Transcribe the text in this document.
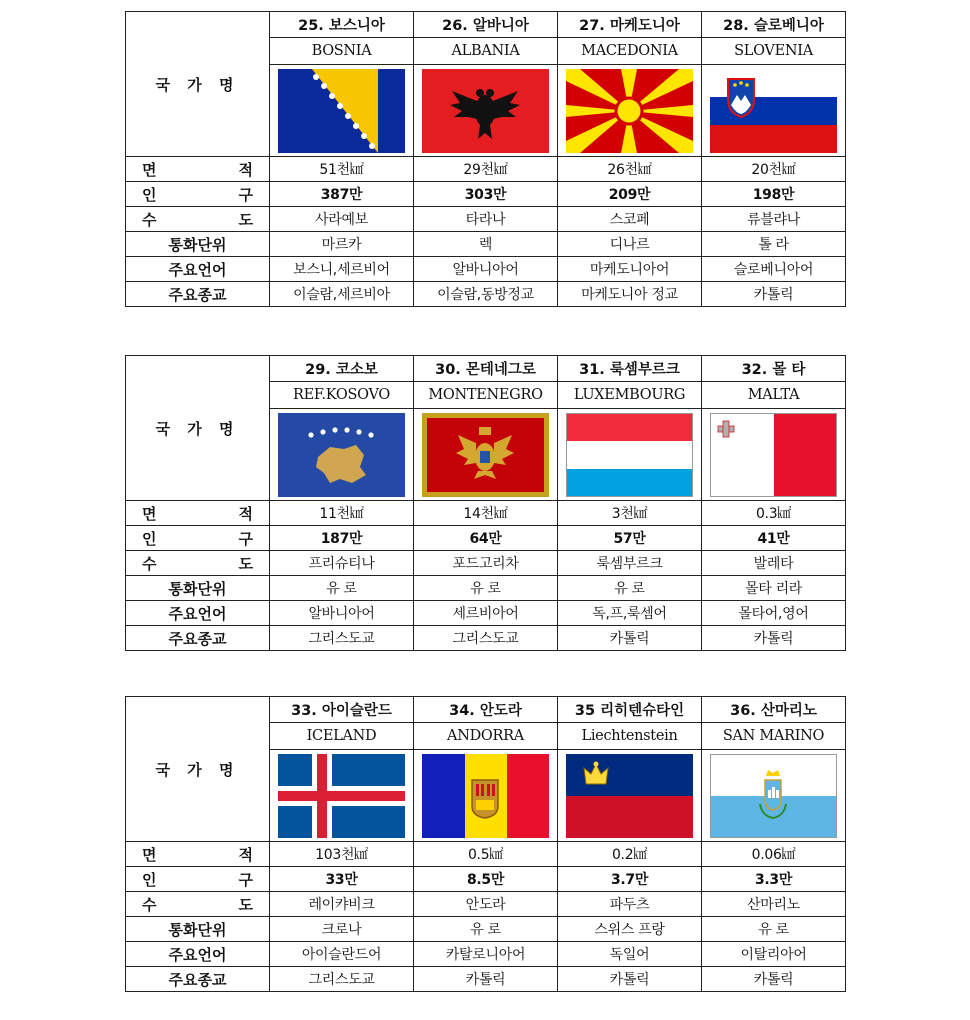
국 가 명	25. 보스니아	26. 알바니아	27. 마케도니아	28. 슬로베니아
	BOSNIA	ALBANIA	MACEDONIA	SLOVENIA

면 적	51천㎢	29천㎢	26천㎢	20천㎢

인 구	387만	303만	209만	198만

수 도	사라예보	타라나	스코페	류블랴나
통화단위	마르카	렉	디나르	톨 라
주요언어	보스니,세르비어	알바니아어	마케도니아어	슬로베니아어
주요종교	이슬람,세르비아	이슬람,동방정교	마케도니아 정교	카톨릭
국 가 명	29. 코소보	30. 몬테네그로	31. 룩셈부르크	32. 몰 타
	REF.KOSOVO	MONTENEGRO	LUXEMBOURG	MALTA

면 적	11천㎢	14천㎢	3천㎢	0.3㎢

인 구	187만	64만	57만	41만

수 도	프리슈티나	포드고리차	룩셈부르크	발레타
통화단위	유 로	유 로	유 로	몰타 리라
주요언어	알바니아어	세르비아어	독,프,룩셈어	몰타어,영어
주요종교	그리스도교	그리스도교	카톨릭	카톨릭
국 가 명	33. 아이슬란드	34. 안도라	35 리히텐슈타인	36. 산마리노
	ICELAND	ANDORRA	Liechtenstein	SAN MARINO

면 적	103천㎢	0.5㎢	0.2㎢	0.06㎢

인 구	33만	8.5만	3.7만	3.3만

수 도	레이캬비크	안도라	파두츠	산마리노
통화단위	크로나	유 로	스위스 프랑	유 로
주요언어	아이슬란드어	카탈로니아어	독일어	이탈리아어
주요종교	그리스도교	카톨릭	카톨릭	카톨릭
